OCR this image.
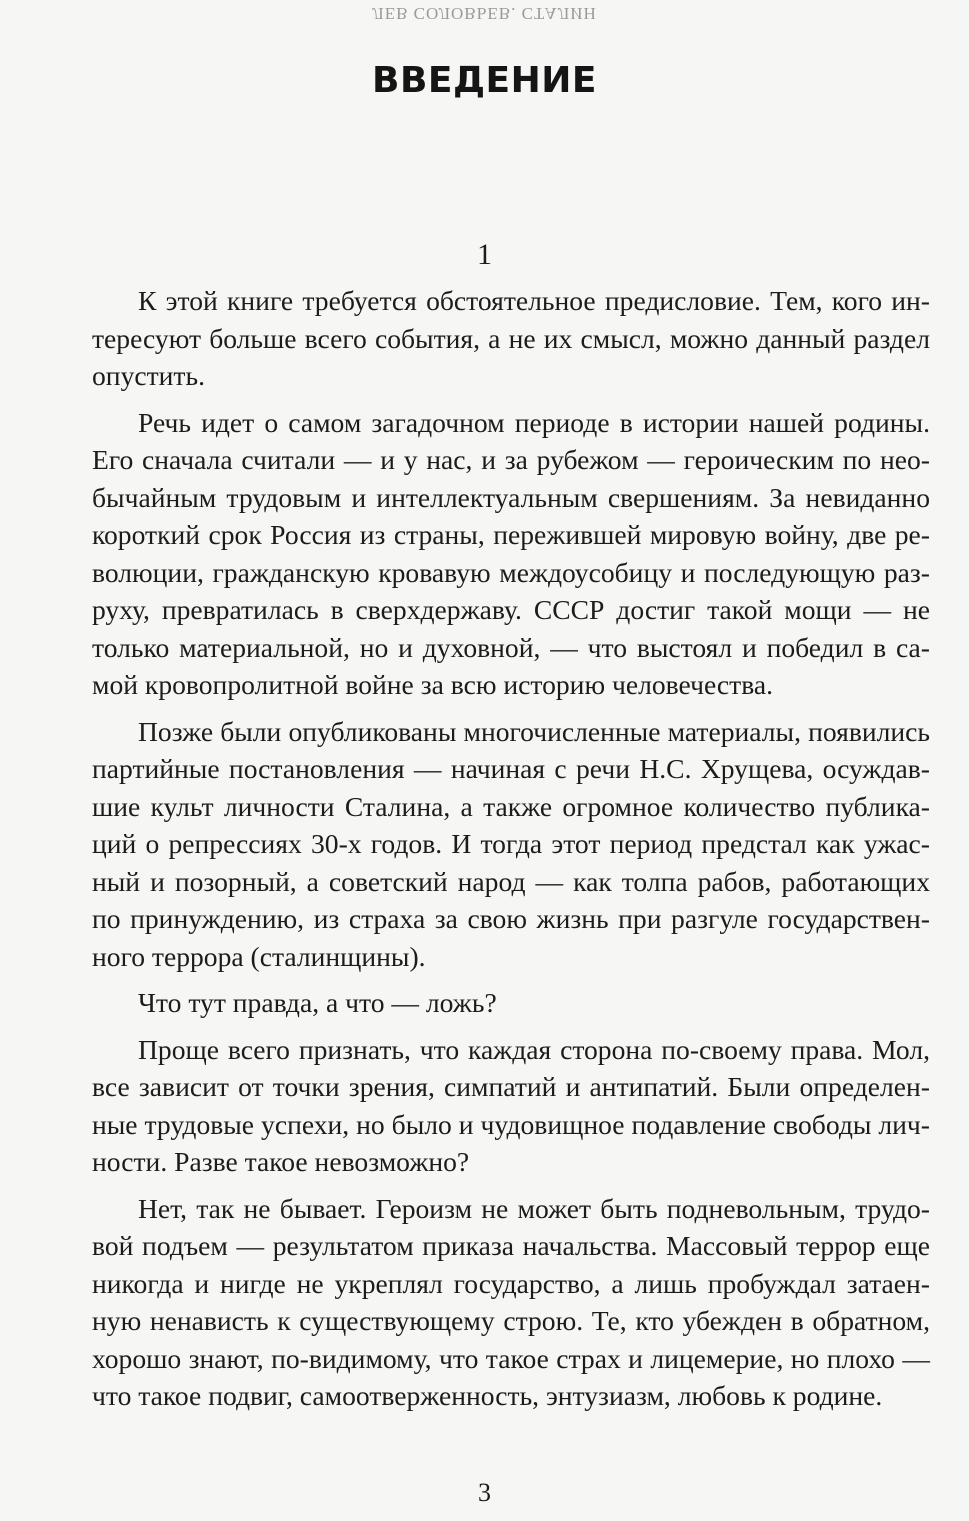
ЛЕВ СОЛОВЬЕВ. СТАЛИН
ВВЕДЕНИЕ
1

К этой книге требуется обстоятельное предисловие. Тем, кого ин-
тересуют больше всего события, а не их смысл, можно данный раздел
опустить.

Речь идет о самом загадочном периоде в истории нашей родины.
Его сначала считали — и у нас, и за рубежом — героическим по нео-
бычайным трудовым и интеллектуальным свершениям. За невиданно
короткий срок Россия из страны, пережившей мировую войну, две ре-
волюции, гражданскую кровавую междоусобицу и последующую раз-
руху, превратилась в сверхдержаву. СССР достиг такой мощи — не
только материальной, но и духовной, — что выстоял и победил в са-
мой кровопролитной войне за всю историю человечества.

Позже были опубликованы многочисленные материалы, появились
партийные постановления — начиная с речи Н.С. Хрущева, осуждав-
шие культ личности Сталина, а также огромное количество публика-
ций о репрессиях 30-х годов. И тогда этот период предстал как ужас-
ный и позорный, а советский народ — как толпа рабов, работающих
по принуждению, из страха за свою жизнь при разгуле государствен-
ного террора (сталинщины).

Что тут правда, а что — ложь?

Проще всего признать, что каждая сторона по-своему права. Мол,
все зависит от точки зрения, симпатий и антипатий. Были определен-
ные трудовые успехи, но было и чудовищное подавление свободы лич-
ности. Разве такое невозможно?

Нет, так не бывает. Героизм не может быть подневольным, трудо-
вой подъем — результатом приказа начальства. Массовый террор еще
никогда и нигде не укреплял государство, а лишь пробуждал затаен-
ную ненависть к существующему строю. Те, кто убежден в обратном,
хорошо знают, по-видимому, что такое страх и лицемерие, но плохо —
что такое подвиг, самоотверженность, энтузиазм, любовь к родине.

3
